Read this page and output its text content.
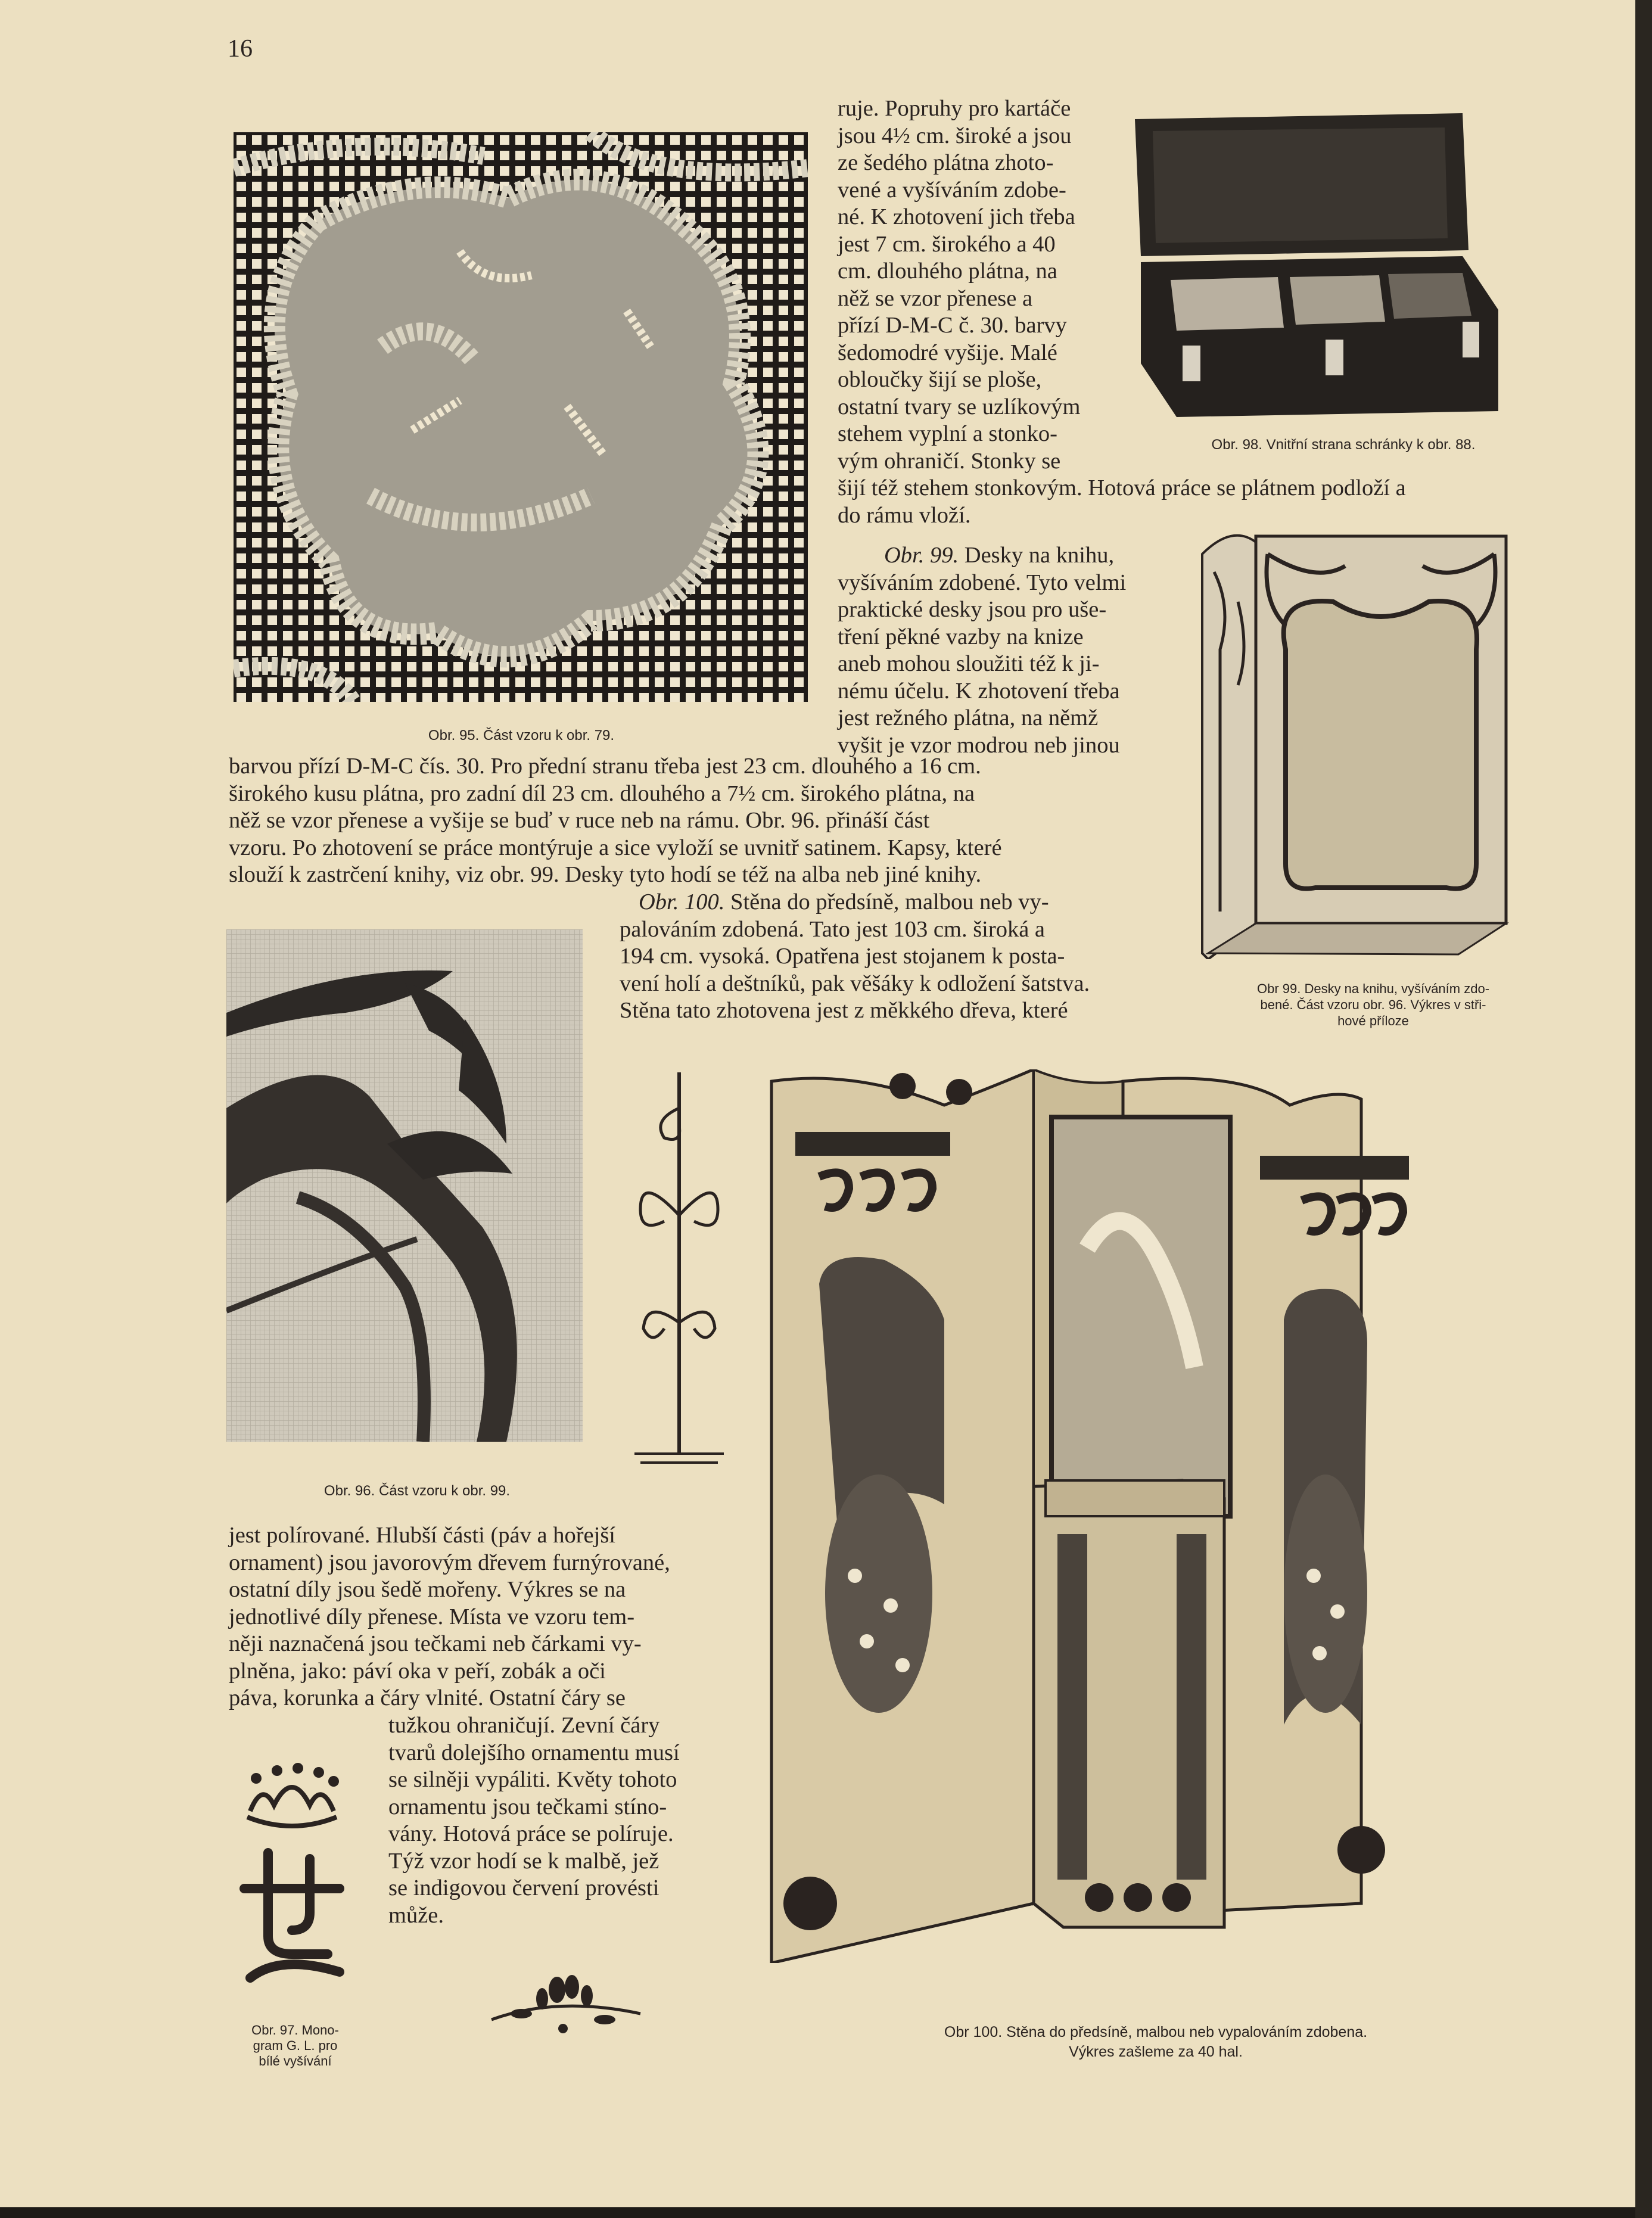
16

Obr. 95. Část vzoru k obr. 79.

ruje. Popruhy pro kartáče
jsou 4½ cm. široké a jsou
ze šedého plátna zhoto-
vené a vyšíváním zdobe-
né. K zhotovení jich třeba
jest 7 cm. širokého a 40
cm. dlouhého plátna, na
něž se vzor přenese a
přízí D-M-C č. 30. barvy
šedomodré vyšije. Malé
obloučky šijí se ploše,
ostatní tvary se uzlíkovým
stehem vyplní a stonko-
vým ohraničí. Stonky se
šijí též stehem stonkovým. Hotová práce se plátnem podloží a
do rámu vloží.

Obr. 98. Vnitřní strana schránky k obr. 88.

Obr. 99. Desky na knihu,
vyšíváním zdobené. Tyto velmi
praktické desky jsou pro uše-
tření pěkné vazby na knize
aneb mohou sloužiti též k ji-
nému účelu. K zhotovení třeba
jest režného plátna, na němž
vyšit je vzor modrou neb jinou
barvou přízí D-M-C čís. 30. Pro přední stranu třeba jest 23 cm. dlouhého a 16 cm.
širokého kusu plátna, pro zadní díl 23 cm. dlouhého a 7½ cm. širokého plátna, na
něž se vzor přenese a vyšije se buď v ruce neb na rámu. Obr. 96. přináší část
vzoru. Po zhotovení se práce montýruje a sice vyloží se uvnitř satinem. Kapsy, které
slouží k zastrčení knihy, viz obr. 99. Desky tyto hodí se též na alba neb jiné knihy.
Obr 99. Desky na knihu, vyšíváním zdo-
bené. Část vzoru obr. 96. Výkres v stři-
hové příloze
Obr. 100. Stěna do předsíně, malbou neb vy-
palováním zdobená. Tato jest 103 cm. široká a
194 cm. vysoká. Opatřena jest stojanem k posta-
vení holí a deštníků, pak věšáky k odložení šatstva.
Stěna tato zhotovena jest z měkkého dřeva, které

Obr. 96. Část vzoru k obr. 99.

Obr 100. Stěna do předsíně, malbou neb vypalováním zdobena.
Výkres zašleme za 40 hal.
jest polírované. Hlubší části (páv a hořejší
ornament) jsou javorovým dřevem furnýrované,
ostatní díly jsou šedě mořeny. Výkres se na
jednotlivé díly přenese. Místa ve vzoru tem-
něji naznačená jsou tečkami neb čárkami vy-
plněna, jako: páví oka v peří, zobák a oči
páva, korunka a čáry vlnité. Ostatní čáry se
tužkou ohraničují. Zevní čáry
tvarů dolejšího ornamentu musí
se silněji vypáliti. Květy tohoto
ornamentu jsou tečkami stíno-
vány. Hotová práce se políruje.
Týž vzor hodí se k malbě, jež
se indigovou červení provésti
může.
Obr. 97. Mono-
gram G. L. pro
bílé vyšívání
